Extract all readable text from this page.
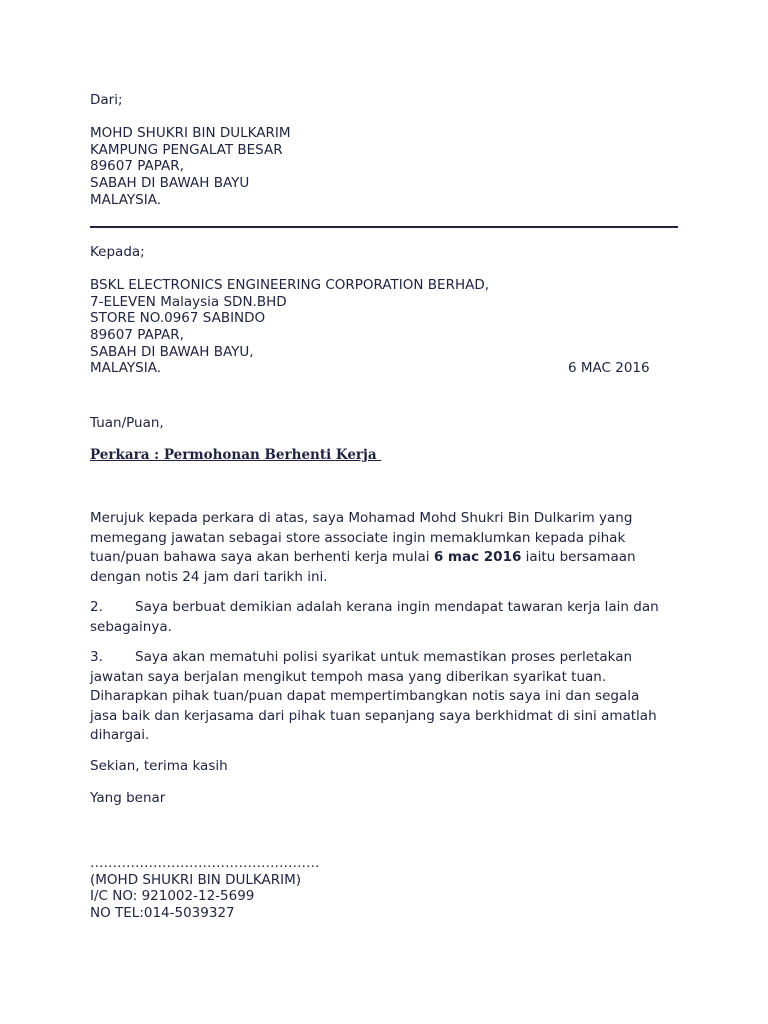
Dari;
MOHD SHUKRI BIN DULKARIM
KAMPUNG PENGALAT BESAR
89607 PAPAR,
SABAH DI BAWAH BAYU
MALAYSIA.
Kepada;
BSKL ELECTRONICS ENGINEERING CORPORATION BERHAD,
7-ELEVEN Malaysia SDN.BHD
STORE NO.0967 SABINDO
89607 PAPAR,
SABAH DI BAWAH BAYU,
MALAYSIA.	6 MAC 2016
Tuan/Puan,
Perkara : Permohonan Berhenti Kerja
Merujuk kepada perkara di atas, saya Mohamad Mohd Shukri Bin Dulkarim yang
memegang jawatan sebagai store associate ingin memaklumkan kepada pihak
tuan/puan bahawa saya akan berhenti kerja mulai 6 mac 2016 iaitu bersamaan
dengan notis 24 jam dari tarikh ini.
2. Saya berbuat demikian adalah kerana ingin mendapat tawaran kerja lain dan
sebagainya.
3. Saya akan mematuhi polisi syarikat untuk memastikan proses perletakan
jawatan saya berjalan mengikut tempoh masa yang diberikan syarikat tuan.
Diharapkan pihak tuan/puan dapat mempertimbangkan notis saya ini dan segala
jasa baik dan kerjasama dari pihak tuan sepanjang saya berkhidmat di sini amatlah
dihargai.
Sekian, terima kasih
Yang benar
……………………………………………
(MOHD SHUKRI BIN DULKARIM)
I/C NO: 921002-12-5699
NO TEL:014-5039327
